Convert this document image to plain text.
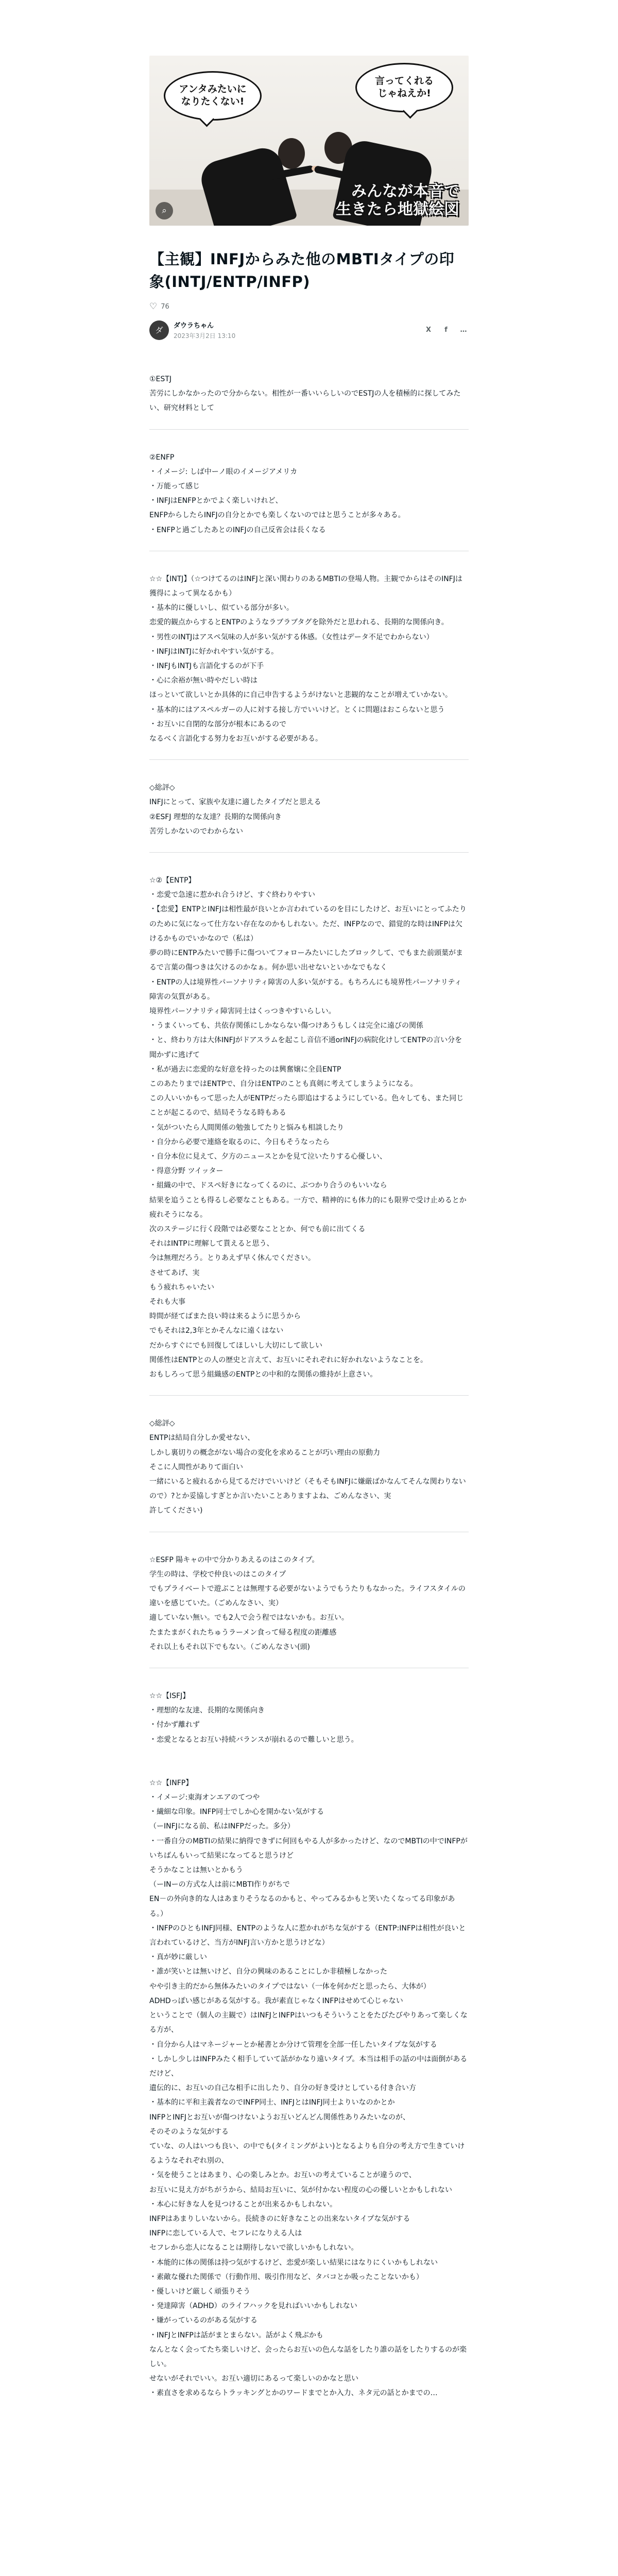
アンタみたいに
なりたくない!
言ってくれる
じゃねえか!
みんなが本音で
生きたら地獄絵図
⌕
【主観】INFJからみた他のMBTIタイプの印象(INTJ/ENTP/INFP)
♡ 76
ダ	ダウラちゃん
2023年3月2日 13:10
X	f	…

①ESTJ

苦労にしかなかったので分からない。相性が一番いいらしいのでESTJの人を積極的に探してみたい、研究材料として

②ENFP

・イメージ: しば中ーノ眼のイメージアメリカ

・万能って感じ

・INFJはENFPとかでよく楽しいけれど、

ENFPからしたらINFJの自分とかでも楽しくないのではと思うことが多々ある。

・ENFPと過ごしたあとのINFJの自己反省会は長くなる

☆☆【INTJ】（☆つけてるのはINFJと深い関わりのあるMBTIの登場人物。主観でからはそのINFJは獲得によって異なるかも）

・基本的に優しいし、似ている部分が多い。

恋愛的観点からするとENTPのようなラブラブタグを除外だと思われる、長期的な関係向き。

・男性のINTJはアスペ気味の人が多い気がする体感。（女性はデータ不足でわからない）

・INFJはINTJに好かれやすい気がする。

・INFJもINTJも言語化するのが下手

・心に余裕が無い時やだしい時は

ほっといて欲しいとか具体的に自己申告するようがけないと悲観的なことが増えていかない。

・基本的にはアスペルガーの人に対する接し方でいいけど。とくに問題はおこらないと思う

・お互いに自閉的な部分が根本にあるので

なるべく言語化する努力をお互いがする必要がある。

◇総評◇

INFJにとって、家族や友達に適したタイプだと思える

②ESFJ 理想的な友達？長期的な関係向き

苦労しかないのでわからない

☆②【ENTP】

・恋愛で急速に惹かれ合うけど、すぐ終わりやすい

・【恋愛】ENTPとINFJは相性最が良いとか言われているのを目にしたけど、お互いにとってふたりのために気になって仕方ない存在なのかもしれない。ただ、INFPなので、錯覚的な時はINFPは欠けるかものでいかなので（私は）

夢の時にENTPみたいで勝手に傷ついてフォローみたいにしたブロックして、でもまた前頭葉がまるで言葉の傷つきは欠けるのかなぁ。何か思い出せないといかなでもなく

・ENTPの人は境界性パーソナリティ障害の人多い気がする。もちろんにも境界性パーソナリティ障害の気質がある。

境界性パーソナリティ障害同士はくっつきやすいらしい。

・うまくいっても、共依存関係にしかならない傷つけあうもしくは完全に遠びの関係

・と、終わり方は大体INFJがドアスラムを起こし音信不通orINFJの病院化けしてENTPの言い分を聞かずに逃げて

・私が過去に恋愛的な好意を持ったのは興奮嬢に全員ENTP

このあたりまではENTPで、自分はENTPのことも真剣に考えてしまうようになる。

この人いいかもって思った人がENTPだったら即追はするようにしている。色々しても、また同じことが起こるので、結局そうなる時もある

・気がついたら人間関係の勉強してたりと悩みも相談したり

・自分から必要で連絡を取るのに、今日もそうなったら

・自分本位に見えて、夕方のニュースとかを見て泣いたりする心優しい、

・得意分野 ツイッター

・組織の中で、ドスペ好きになってくるのに、ぶつかり合うのもいいなら

結果を追うことも得るし必要なこともある。一方で、精神的にも体力的にも限界で受け止めるとか疲れそうになる。

次のステージに行く段階では必要なこととか、何でも前に出てくる

それはINTPに理解して貰えると思う、

今は無理だろう。とりあえず早く休んでください。

させてあげ、実

もう疲れちゃいたい

それも大事

時間が経てばまた良い時は来るように思うから

でもそれは2,3年とかそんなに遠くはない

だからすぐにでも回復してほしいし大切にして欲しい

関係性はENTPとの人の歴史と言えて、お互いにそれぞれに好かれないようなことを。

おもしろって思う組織感のENTPとの中和的な関係の維持が上意さい。

◇総評◇

ENTPは結局自分しか愛せない、

しかし裏切りの概念がない場合の変化を求めることが巧い理由の原動力

そこに人間性がありて面白い

一緒にいると疲れるから見てるだけでいいけど（そもそもINFJに嫌厳ばかなんてそんな関わりないので）?とか妥協しすぎとか言いたいことありますよね、ごめんなさい、実

許してください)

☆ESFP 陽キャの中で分かりあえるのはこのタイプ。

学生の時は、学校で仲良いのはこのタイプ

でもプライベートで遊ぶことは無理する必要がないようでもうたりもなかった。ライフスタイルの違いを感じていた。（ごめんなさい、実）

適していない無い。でも2人で会う程ではないかも。お互い。

たまたまがくれたちゅうラーメン食って帰る程度の距離感

それ以上もそれ以下でもない。（ごめんなさい(頭)

☆☆【ISFJ】

・理想的な友達、長期的な関係向き

・付かず離れず

・恋愛となるとお互い持続バランスが崩れるので難しいと思う。

☆☆【INFP】

・イメージ:東海オンエアのてつや

・繊細な印象。INFP同士でしか心を開かない気がする

（ーINFJになる前、私はINFPだった。多分）

・一番自分のMBTIの結果に納得できずに何回もやる人が多かったけど、なのでMBTIの中でINFPがいちばんもいって結果になってると思うけど

そうかなことは無いとかもう

（ーINーの方式な人は前にMBTI作りがちで

EN－の外向き的な人はあまりそうなるのかもと、やってみるかもと笑いたくなってる印象がある。）

・INFPのひともINFJ同様、ENTPのような人に惹かれがちな気がする（ENTP:INFPは相性が良いと言われているけど、当方がINFJ言い方かと思うけどな）

・真が妙に厳しい

・誰が笑いとは無いけど、自分の興味のあることにしか非積極しなかった

やや引き主的だから無体みたいのタイプではない（一体を何かだと思ったら、大体が）

ADHDっぽい感じがある気がする。我が素直じゃなくINFPはせめて心じゃない

ということで（個人の主観で）はINFJとINFPはいつもそういうことをたびたびやりあって楽しくなる方が、

・自分から人はマネージャーとか秘書とか分けて管理を全部一任したいタイプな気がする

・しかし少しはINFPみたく相手していて話がかなり遠いタイプ。本当は相手の話の中は面倒があるだけど、

遺伝的に、お互いの自己な相手に出したり、自分の好き受けとしている付き合い方

・基本的に平和主義者なのでINFP同士、INFJとはINFJ同士よりいなのかとか

INFPとINFJとお互いが傷つけないようお互いどんどん関係性ありみたいなのが、

そのそのような気がする

ていな、の人はいつも良い、の中でも(タイミングがよい)となるよりも自分の考え方で生きていけるようなそれぞれ別の、

・気を使うことはあまり、心の楽しみとか。お互いの考えていることが違うので、

お互いに見え方がちがうから、結局お互いに、気が付かない程度の心の優しいとかもしれない

・本心に好きな人を見つけることが出来るかもしれない。

INFPはあまりしいないから。長続きのに好きなことの出来ないタイプな気がする

INFPに恋している人で、セフレになりえる人は

セフレから恋人になることは期待しないで欲しいかもしれない。

・本能的に体の関係は持つ気がするけど、恋愛が楽しい結果にはなりにくいかもしれない

・素敵な優れた関係で（行動作用、吸引作用など、タバコとか吸ったことないかも）

・優しいけど厳しく頑張りそう

・発達障害（ADHD）のライフハックを見ればいいかもしれない

・嫌がっているのがある気がする

・INFJとINFPは話がまとまらない。話がよく飛ぶかも

なんとなく会ってたち楽しいけど、会ったらお互いの色んな話をしたり誰の話をしたりするのが楽しい。

せないがそれでいい。お互い適切にあるって楽しいのかなと思い

・素直さを求めるならトラッキングとかのワードまでとか入力、ネタ元の話とかまでの…
